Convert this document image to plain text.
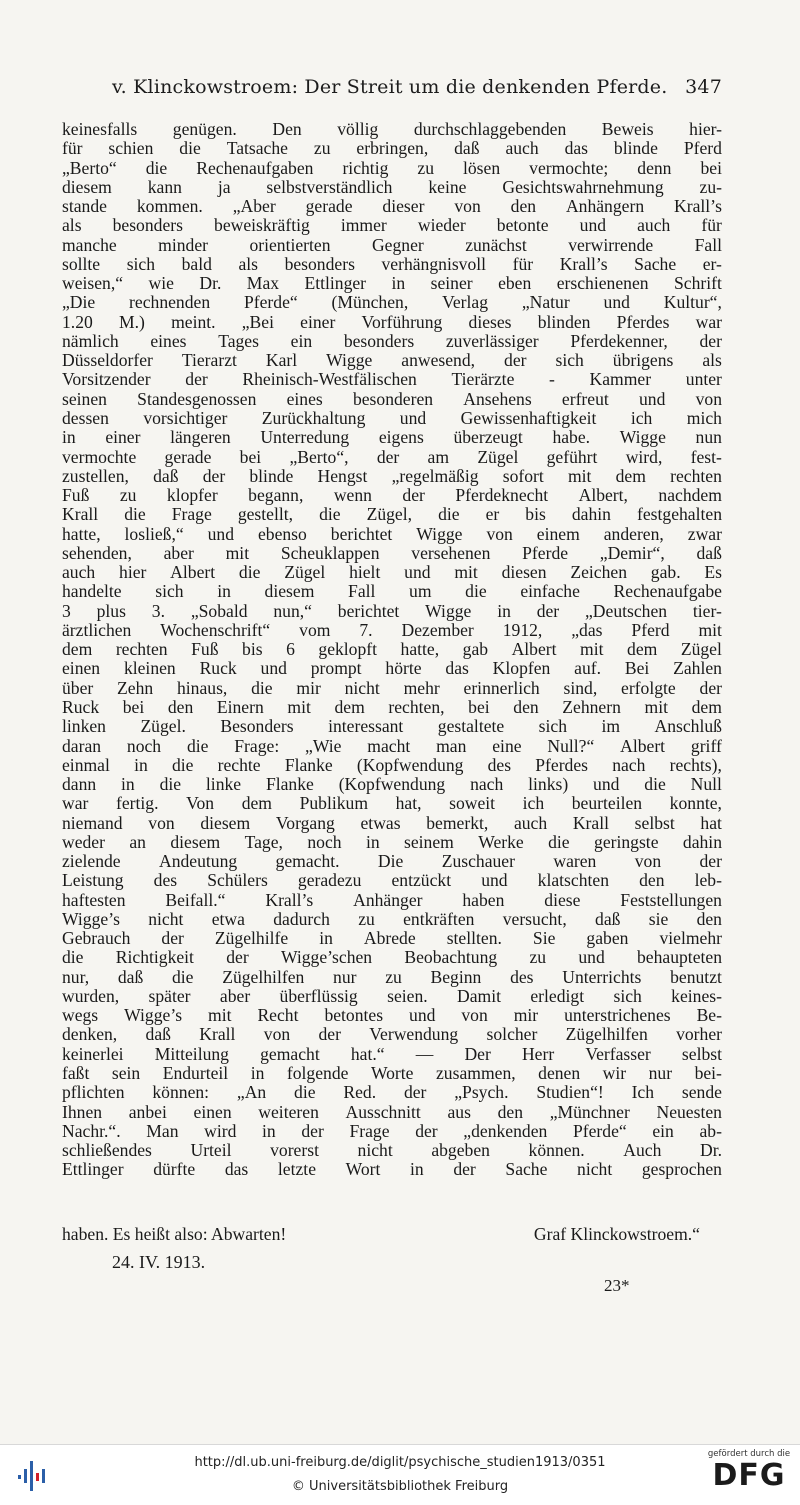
v. Klinckowstroem: Der Streit um die denkenden Pferde. 347
keinesfalls genügen. Den völlig durchschlaggebenden Beweis hier-
für schien die Tatsache zu erbringen, daß auch das blinde Pferd
„Berto“ die Rechenaufgaben richtig zu lösen vermochte; denn bei
diesem kann ja selbstverständlich keine Gesichtswahrnehmung zu-
stande kommen. „Aber gerade dieser von den Anhängern Krall’s
als besonders beweiskräftig immer wieder betonte und auch für
manche minder orientierten Gegner zunächst verwirrende Fall
sollte sich bald als besonders verhängnisvoll für Krall’s Sache er-
weisen,“ wie Dr. Max Ettlinger in seiner eben erschienenen Schrift
„Die rechnenden Pferde“ (München, Verlag „Natur und Kultur“,
1.20 M.) meint. „Bei einer Vorführung dieses blinden Pferdes war
nämlich eines Tages ein besonders zuverlässiger Pferdekenner, der
Düsseldorfer Tierarzt Karl Wigge anwesend, der sich übrigens als
Vorsitzender der Rheinisch-Westfälischen Tierärzte - Kammer unter
seinen Standesgenossen eines besonderen Ansehens erfreut und von
dessen vorsichtiger Zurückhaltung und Gewissenhaftigkeit ich mich
in einer längeren Unterredung eigens überzeugt habe. Wigge nun
vermochte gerade bei „Berto“, der am Zügel geführt wird, fest-
zustellen, daß der blinde Hengst „regelmäßig sofort mit dem rechten
Fuß zu klopfer begann, wenn der Pferdeknecht Albert, nachdem
Krall die Frage gestellt, die Zügel, die er bis dahin festgehalten
hatte, losließ,“ und ebenso berichtet Wigge von einem anderen, zwar
sehenden, aber mit Scheuklappen versehenen Pferde „Demir“, daß
auch hier Albert die Zügel hielt und mit diesen Zeichen gab. Es
handelte sich in diesem Fall um die einfache Rechenaufgabe
3 plus 3. „Sobald nun,“ berichtet Wigge in der „Deutschen tier-
ärztlichen Wochenschrift“ vom 7. Dezember 1912, „das Pferd mit
dem rechten Fuß bis 6 geklopft hatte, gab Albert mit dem Zügel
einen kleinen Ruck und prompt hörte das Klopfen auf. Bei Zahlen
über Zehn hinaus, die mir nicht mehr erinnerlich sind, erfolgte der
Ruck bei den Einern mit dem rechten, bei den Zehnern mit dem
linken Zügel. Besonders interessant gestaltete sich im Anschluß
daran noch die Frage: „Wie macht man eine Null?“ Albert griff
einmal in die rechte Flanke (Kopfwendung des Pferdes nach rechts),
dann in die linke Flanke (Kopfwendung nach links) und die Null
war fertig. Von dem Publikum hat, soweit ich beurteilen konnte,
niemand von diesem Vorgang etwas bemerkt, auch Krall selbst hat
weder an diesem Tage, noch in seinem Werke die geringste dahin
zielende Andeutung gemacht. Die Zuschauer waren von der
Leistung des Schülers geradezu entzückt und klatschten den leb-
haftesten Beifall.“ Krall’s Anhänger haben diese Feststellungen
Wigge’s nicht etwa dadurch zu entkräften versucht, daß sie den
Gebrauch der Zügelhilfe in Abrede stellten. Sie gaben vielmehr
die Richtigkeit der Wigge’schen Beobachtung zu und behaupteten
nur, daß die Zügelhilfen nur zu Beginn des Unterrichts benutzt
wurden, später aber überflüssig seien. Damit erledigt sich keines-
wegs Wigge’s mit Recht betontes und von mir unterstrichenes Be-
denken, daß Krall von der Verwendung solcher Zügelhilfen vorher
keinerlei Mitteilung gemacht hat.“ — Der Herr Verfasser selbst
faßt sein Endurteil in folgende Worte zusammen, denen wir nur bei-
pflichten können: „An die Red. der „Psych. Studien“! Ich sende
Ihnen anbei einen weiteren Ausschnitt aus den „Münchner Neuesten
Nachr.“. Man wird in der Frage der „denkenden Pferde“ ein ab-
schließendes Urteil vorerst nicht abgeben können. Auch Dr.
Ettlinger dürfte das letzte Wort in der Sache nicht gesprochen
haben. Es heißt also: Abwarten!	Graf Klinckowstroem.“
24. IV. 1913.
23*
http://dl.ub.uni-freiburg.de/diglit/psychische_studien1913/0351
© Universitätsbibliothek Freiburg
gefördert durch die
DFG
